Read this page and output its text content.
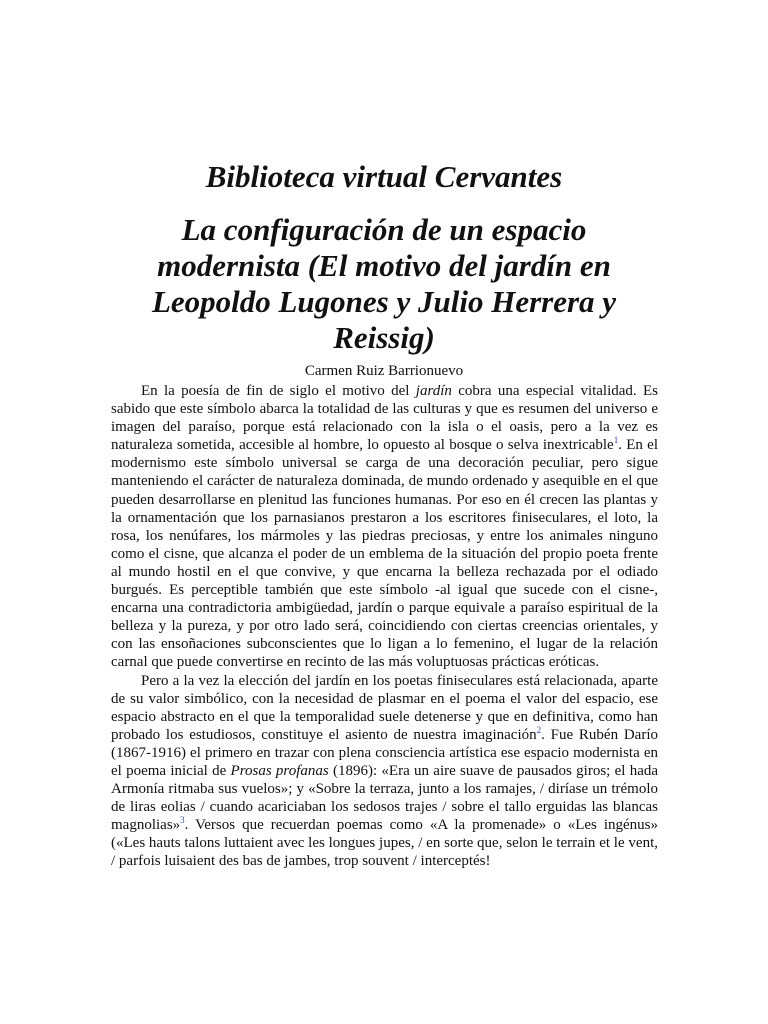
Biblioteca virtual Cervantes
La configuración de un espacio modernista (El motivo del jardín en Leopoldo Lugones y Julio Herrera y Reissig)
Carmen Ruiz Barrionuevo

En la poesía de fin de siglo el motivo del jardín cobra una especial vitalidad. Es sabido que este símbolo abarca la totalidad de las culturas y que es resumen del universo e imagen del paraíso, porque está relacionado con la isla o el oasis, pero a la vez es naturaleza sometida, accesible al hombre, lo opuesto al bosque o selva inextricable$^1$. En el modernismo este símbolo universal se carga de una decoración peculiar, pero sigue manteniendo el carácter de naturaleza dominada, de mundo ordenado y asequible en el que pueden desarrollarse en plenitud las funciones humanas. Por eso en él crecen las plantas y la ornamentación que los parnasianos prestaron a los escritores finiseculares, el loto, la rosa, los nenúfares, los mármoles y las piedras preciosas, y entre los animales ninguno como el cisne, que alcanza el poder de un emblema de la situación del propio poeta frente al mundo hostil en el que convive, y que encarna la belleza rechazada por el odiado burgués. Es perceptible también que este símbolo -al igual que sucede con el cisne-, encarna una contradictoria ambigüedad, jardín o parque equivale a paraíso espiritual de la belleza y la pureza, y por otro lado será, coincidiendo con ciertas creencias orientales, y con las ensoñaciones subconscientes que lo ligan a lo femenino, el lugar de la relación carnal que puede convertirse en recinto de las más voluptuosas prácticas eróticas.

Pero a la vez la elección del jardín en los poetas finiseculares está relacionada, aparte de su valor simbólico, con la necesidad de plasmar en el poema el valor del espacio, ese espacio abstracto en el que la temporalidad suele detenerse y que en definitiva, como han probado los estudiosos, constituye el asiento de nuestra imaginación$^2$. Fue Rubén Darío (1867-1916) el primero en trazar con plena consciencia artística ese espacio modernista en el poema inicial de Prosas profanas (1896): «Era un aire suave de pausados giros; el hada Armonía ritmaba sus vuelos»; y «Sobre la terraza, junto a los ramajes, / diríase un trémolo de liras eolias / cuando acariciaban los sedosos trajes / sobre el tallo erguidas las blancas magnolias»$^3$. Versos que recuerdan poemas como «A la promenade» o «Les ingénus» («Les hauts talons luttaient avec les longues jupes, / en sorte que, selon le terrain et le vent, / parfois luisaient des bas de jambes, trop souvent / interceptés!
